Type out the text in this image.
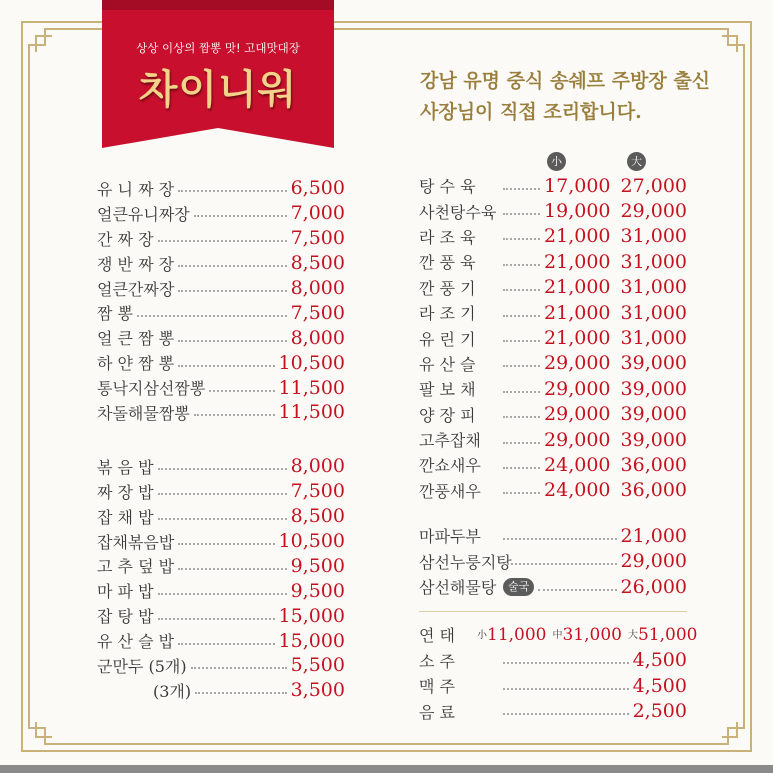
상상 이상의 짬뽕 맛! 고대맛대장
차이니워	강남 유명 중식 송쉐프 주방장 출신
사장님이 직접 조리합니다.
유 니 짜 장	6,500
얼큰유니짜장	7,000
간 짜 장	7,500
쟁 반 짜 장	8,500
얼큰간짜장	8,000
짬 뽕	7,500
얼 큰 짬 뽕	8,000
하 얀 짬 뽕	10,500
통낙지삼선짬뽕	11,500
차돌해물짬뽕	11,500
볶 음 밥	8,000
짜 장 밥	7,500
잡 채 밥	8,500
잡채볶음밥	10,500
고 추 덮 밥	9,500
마 파 밥	9,500
잡 탕 밥	15,000
유 산 슬 밥	15,000
군만두 (5개)	5,500
(3개)	3,500
小	大
탕 수 육	17,000 27,000
사천탕수육	19,000 29,000
라 조 육	21,000 31,000
깐 풍 육	21,000 31,000
깐 풍 기	21,000 31,000
라 조 기	21,000 31,000
유 린 기	21,000 31,000
유 산 슬	29,000 39,000
팔 보 채	29,000 39,000
양 장 피	29,000 39,000
고추잡채	29,000 39,000
깐쇼새우	24,000 36,000
깐풍새우	24,000 36,000
마파두부	21,000
삼선누룽지탕	29,000
삼선해물탕	술국	26,000
연 태	小 11,000 中 31,000 大 51,000
소 주	4,500
맥 주	4,500
음 료	2,500
